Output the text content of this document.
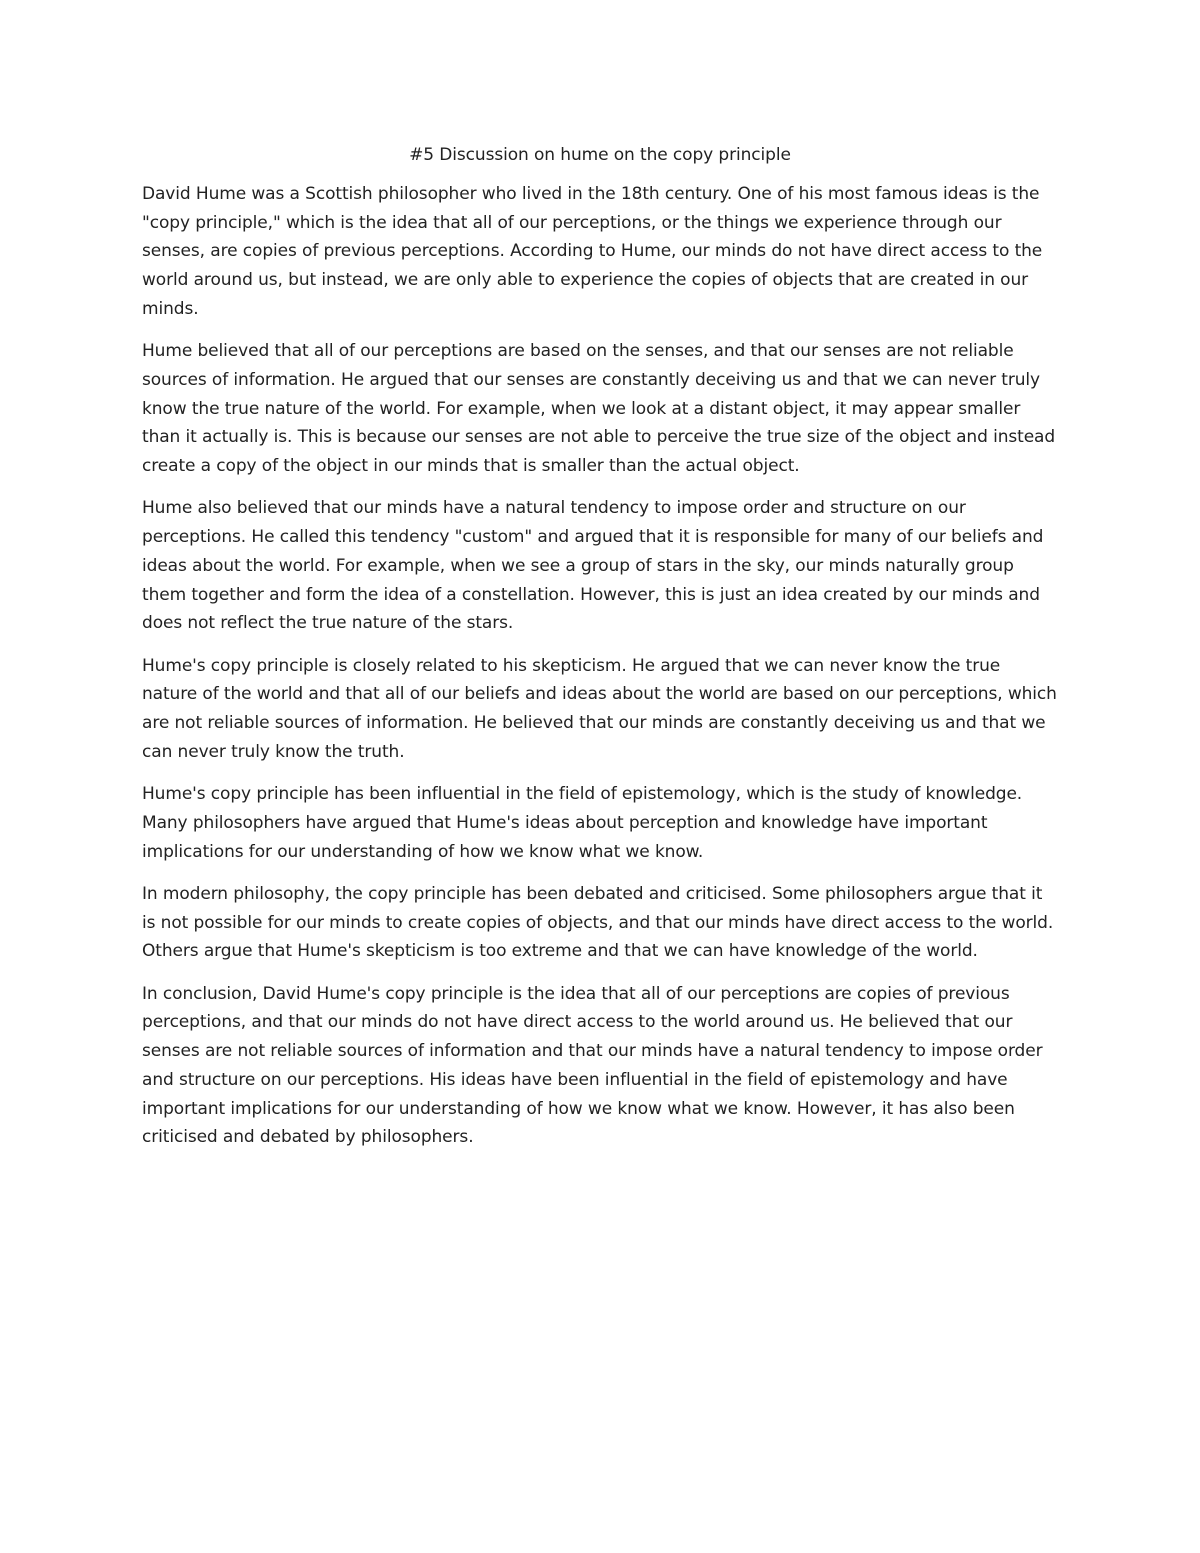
#5 Discussion on hume on the copy principle

David Hume was a Scottish philosopher who lived in the 18th century. One of his most famous ideas is the "copy principle," which is the idea that all of our perceptions, or the things we experience through our senses, are copies of previous perceptions. According to Hume, our minds do not have direct access to the world around us, but instead, we are only able to experience the copies of objects that are created in our minds.

Hume believed that all of our perceptions are based on the senses, and that our senses are not reliable sources of information. He argued that our senses are constantly deceiving us and that we can never truly know the true nature of the world. For example, when we look at a distant object, it may appear smaller than it actually is. This is because our senses are not able to perceive the true size of the object and instead create a copy of the object in our minds that is smaller than the actual object.

Hume also believed that our minds have a natural tendency to impose order and structure on our perceptions. He called this tendency "custom" and argued that it is responsible for many of our beliefs and ideas about the world. For example, when we see a group of stars in the sky, our minds naturally group them together and form the idea of a constellation. However, this is just an idea created by our minds and does not reflect the true nature of the stars.

Hume's copy principle is closely related to his skepticism. He argued that we can never know the true nature of the world and that all of our beliefs and ideas about the world are based on our perceptions, which are not reliable sources of information. He believed that our minds are constantly deceiving us and that we can never truly know the truth.

Hume's copy principle has been influential in the field of epistemology, which is the study of knowledge. Many philosophers have argued that Hume's ideas about perception and knowledge have important implications for our understanding of how we know what we know.

In modern philosophy, the copy principle has been debated and criticised. Some philosophers argue that it is not possible for our minds to create copies of objects, and that our minds have direct access to the world. Others argue that Hume's skepticism is too extreme and that we can have knowledge of the world.

In conclusion, David Hume's copy principle is the idea that all of our perceptions are copies of previous perceptions, and that our minds do not have direct access to the world around us. He believed that our senses are not reliable sources of information and that our minds have a natural tendency to impose order and structure on our perceptions. His ideas have been influential in the field of epistemology and have important implications for our understanding of how we know what we know. However, it has also been criticised and debated by philosophers.
